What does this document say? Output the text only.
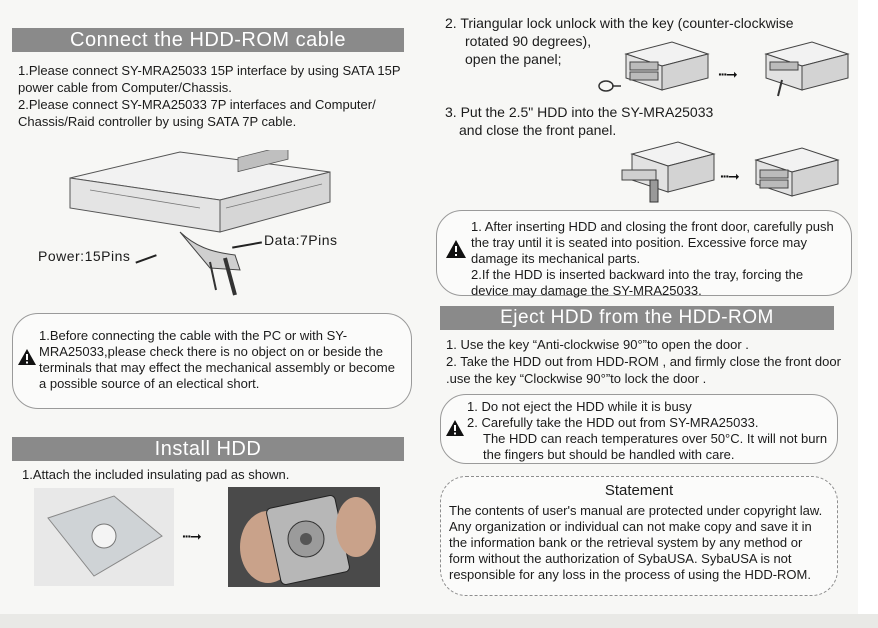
Connect the HDD-ROM cable

1.Please connect SY-MRA25033 15P interface by using SATA 15P power cable from Computer/Chassis.

2.Please connect SY-MRA25033 7P interfaces and Computer/ Chassis/Raid controller by using SATA 7P cable.

Power:15Pins
Data:7Pins
1.Before connecting the cable with the PC or with SY-MRA25033,please check there is no object on or beside the terminals that may effect the mechanical assembly or become a possible source of an electical short.
Install HDD
1.Attach the included insulating pad as shown.
···➞

2. Triangular lock unlock with the key (counter-clockwise

rotated 90 degrees),

open the panel;

···➞

3. Put the 2.5" HDD into the SY-MRA25033

and close the front panel.

···➞

1. After inserting HDD and closing the front door, carefully push the tray until it is seated into position. Excessive force may damage its mechanical parts.

2.If the HDD is inserted backward into the tray, forcing the device may damage the SY-MRA25033.

Eject HDD from the HDD-ROM

1. Use the key “Anti-clockwise 90°”to open the door .

2. Take the HDD out from HDD-ROM , and firmly close the front door .use the key “Clockwise 90°”to lock the door .

1. Do not eject the HDD while it is busy

2. Carefully take the HDD out from SY-MRA25033.

The HDD can reach temperatures over 50°C. It will not burn the fingers but should be handled with care.

Statement
The contents of user's manual are protected under copyright law. Any organization or individual can not make copy and save it in the information bank or the retrieval system by any method or form without the authorization of SybaUSA. SybaUSA is not responsible for any loss in the process of using the HDD-ROM.
